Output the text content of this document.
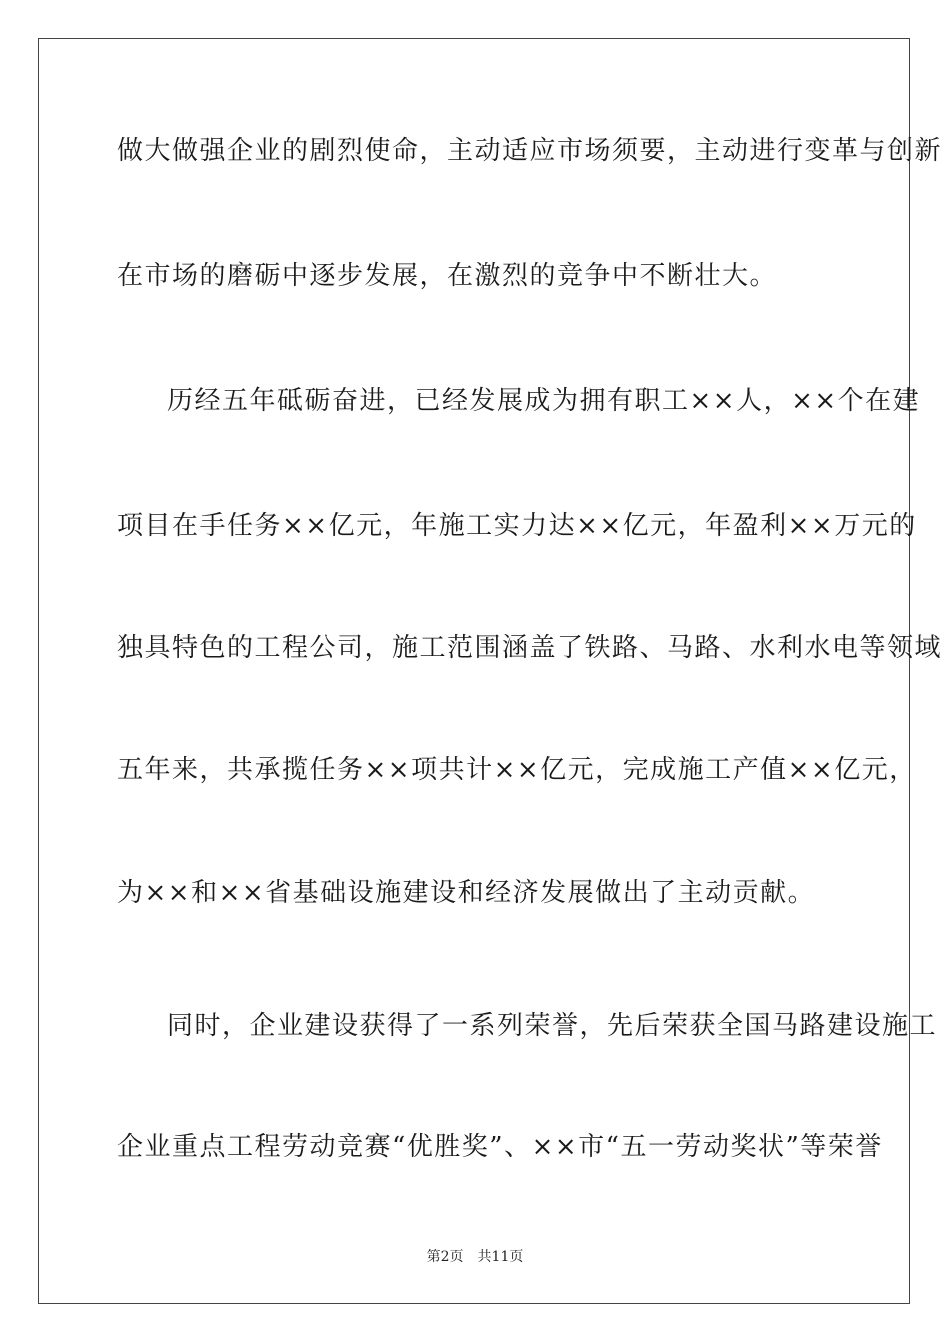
做大做强企业的剧烈使命，主动适应市场须要，主动进行变革与创新
在市场的磨砺中逐步发展，在激烈的竞争中不断壮大。
历经五年砥砺奋进，已经发展成为拥有职工××人，××个在建
项目在手任务××亿元，年施工实力达××亿元，年盈利××万元的
独具特色的工程公司，施工范围涵盖了铁路、马路、水利水电等领域
五年来，共承揽任务××项共计××亿元，完成施工产值××亿元，
为××和××省基础设施建设和经济发展做出了主动贡献。
同时，企业建设获得了一系列荣誉，先后荣获全国马路建设施工
企业重点工程劳动竞赛“优胜奖”、××市“五一劳动奖状”等荣誉
第2页 共11页
